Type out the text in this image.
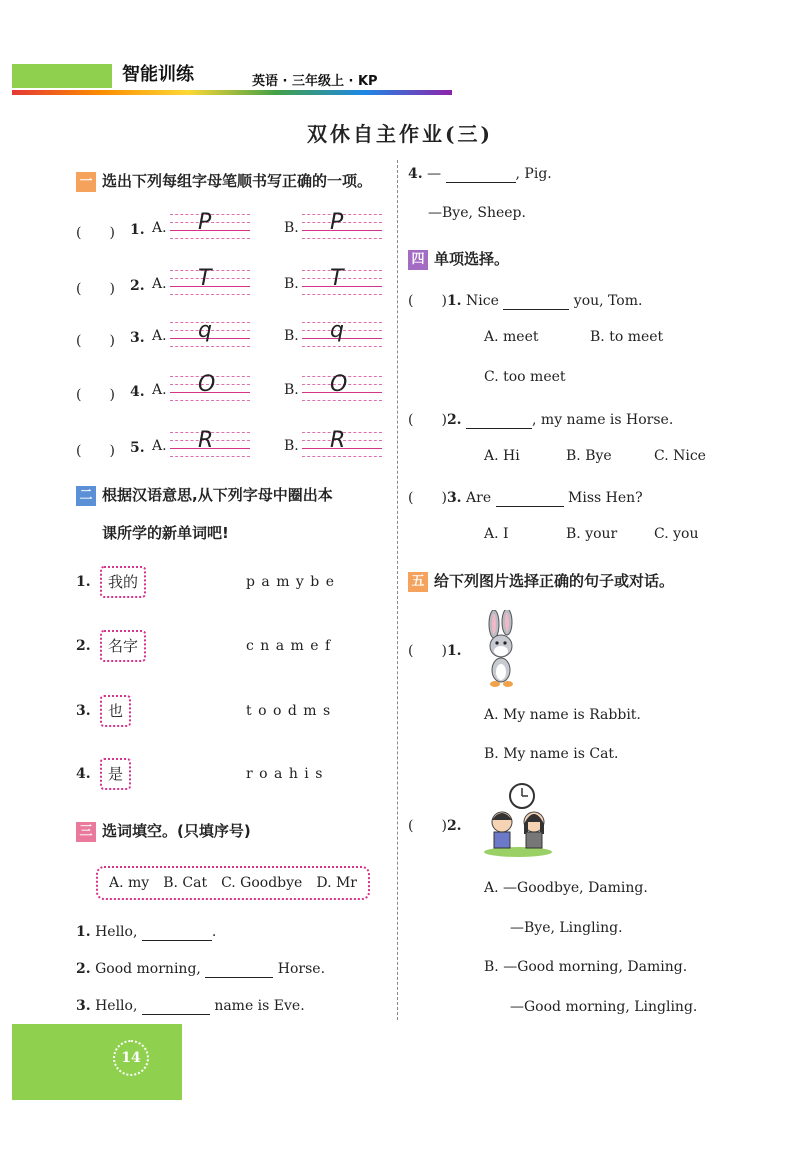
智能训练	英语 · 三年级上 · KP
双休自主作业(三)
一 选出下列每组字母笔顺书写正确的一项。
(　　) 1. A. P	B. P
(　　) 2. A. T	B. T
(　　) 3. A. q	B. q
(　　) 4. A. O	B. O
(　　) 5. A. R	B. R
二 根据汉语意思,从下列字母中圈出本
课所学的新单词吧!
1.	我的	p a m y b e
2.	名字	c n a m e f
3.	也	t o o d m s
4.	是	r o a h i s
三 选词填空。(只填序号)
A. my　B. Cat　C. Goodbye　D. Mr
1. Hello,	.
2. Good morning,	Horse.
3. Hello,	name is Eve.
4. —	, Pig.
—Bye, Sheep.
四 单项选择。
(　　)1. Nice	you, Tom.
A. meet	B. to meet
C. too meet
(　　)2.	, my name is Horse.
A. Hi	B. Bye	C. Nice
(　　)3. Are	Miss Hen?
A. I	B. your	C. you
五 给下列图片选择正确的句子或对话。
(　　)1.
A. My name is Rabbit.
B. My name is Cat.
(　　)2.
A. —Goodbye, Daming.
—Bye, Lingling.
B. —Good morning, Daming.
—Good morning, Lingling.
14
